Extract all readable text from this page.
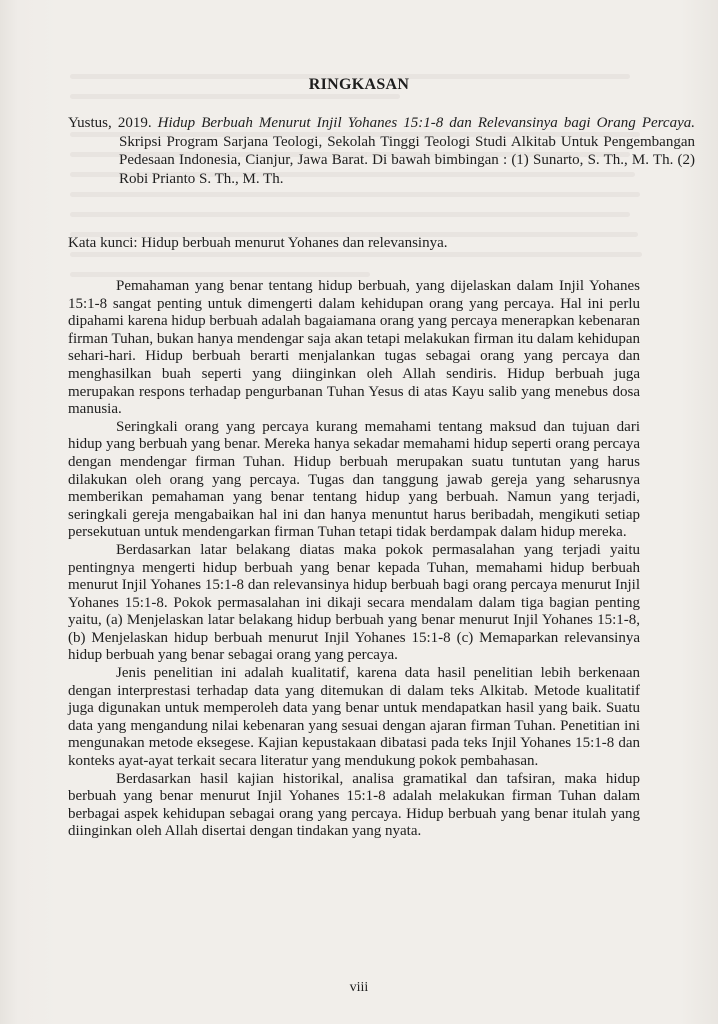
RINGKASAN
Yustus, 2019. Hidup Berbuah Menurut Injil Yohanes 15:1-8 dan Relevansinya bagi Orang Percaya. Skripsi Program Sarjana Teologi, Sekolah Tinggi Teologi Studi Alkitab Untuk Pengembangan Pedesaan Indonesia, Cianjur, Jawa Barat. Di bawah bimbingan : (1) Sunarto, S. Th., M. Th. (2) Robi Prianto S. Th., M. Th.
Kata kunci: Hidup berbuah menurut Yohanes dan relevansinya.

Pemahaman yang benar tentang hidup berbuah, yang dijelaskan dalam Injil Yohanes 15:1-8 sangat penting untuk dimengerti dalam kehidupan orang yang percaya. Hal ini perlu dipahami karena hidup berbuah adalah bagaiamana orang yang percaya menerapkan kebenaran firman Tuhan, bukan hanya mendengar saja akan tetapi melakukan firman itu dalam kehidupan sehari-hari. Hidup berbuah berarti menjalankan tugas sebagai orang yang percaya dan menghasilkan buah seperti yang diinginkan oleh Allah sendiris. Hidup berbuah juga merupakan respons terhadap pengurbanan Tuhan Yesus di atas Kayu salib yang menebus dosa manusia.

Seringkali orang yang percaya kurang memahami tentang maksud dan tujuan dari hidup yang berbuah yang benar. Mereka hanya sekadar memahami hidup seperti orang percaya dengan mendengar firman Tuhan. Hidup berbuah merupakan suatu tuntutan yang harus dilakukan oleh orang yang percaya. Tugas dan tanggung jawab gereja yang seharusnya memberikan pemahaman yang benar tentang hidup yang berbuah. Namun yang terjadi, seringkali gereja mengabaikan hal ini dan hanya menuntut harus beribadah, mengikuti setiap persekutuan untuk mendengarkan firman Tuhan tetapi tidak berdampak dalam hidup mereka.

Berdasarkan latar belakang diatas maka pokok permasalahan yang terjadi yaitu pentingnya mengerti hidup berbuah yang benar kepada Tuhan, memahami hidup berbuah menurut Injil Yohanes 15:1-8 dan relevansinya hidup berbuah bagi orang percaya menurut Injil Yohanes 15:1-8. Pokok permasalahan ini dikaji secara mendalam dalam tiga bagian penting yaitu, (a) Menjelaskan latar belakang hidup berbuah yang benar menurut Injil Yohanes 15:1-8, (b) Menjelaskan hidup berbuah menurut Injil Yohanes 15:1-8 (c) Memaparkan relevansinya hidup berbuah yang benar sebagai orang yang percaya.

Jenis penelitian ini adalah kualitatif, karena data hasil penelitian lebih berkenaan dengan interprestasi terhadap data yang ditemukan di dalam teks Alkitab. Metode kualitatif juga digunakan untuk memperoleh data yang benar untuk mendapatkan hasil yang baik. Suatu data yang mengandung nilai kebenaran yang sesuai dengan ajaran firman Tuhan. Penetitian ini mengunakan metode eksegese. Kajian kepustakaan dibatasi pada teks Injil Yohanes 15:1-8 dan konteks ayat-ayat terkait secara literatur yang mendukung pokok pembahasan.

Berdasarkan hasil kajian historikal, analisa gramatikal dan tafsiran, maka hidup berbuah yang benar menurut Injil Yohanes 15:1-8 adalah melakukan firman Tuhan dalam berbagai aspek kehidupan sebagai orang yang percaya. Hidup berbuah yang benar itulah yang diinginkan oleh Allah disertai dengan tindakan yang nyata.

viii
